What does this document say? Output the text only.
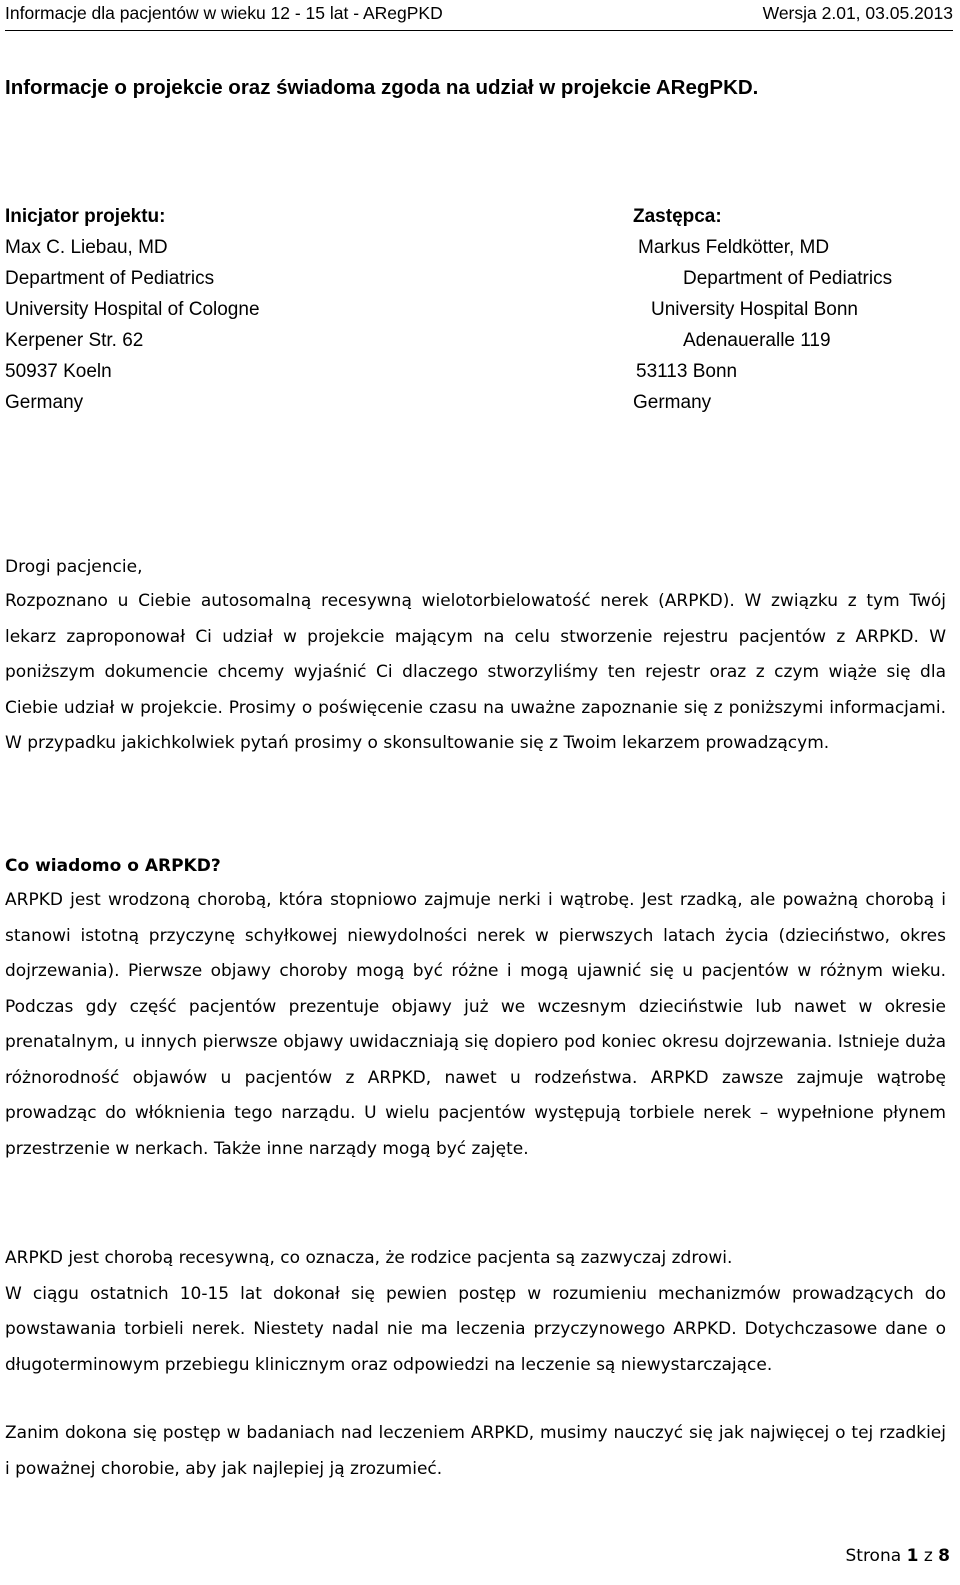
Informacje dla pacjentów w wieku 12 - 15 lat - ARegPKD	Wersja 2.01, 03.05.2013
Informacje o projekcie oraz świadoma zgoda na udział w projekcie ARegPKD.
Inicjator projektu:
Max C. Liebau, MD
Department of Pediatrics
University Hospital of Cologne
Kerpener Str. 62
50937 Koeln
Germany
Zastępca:
Markus Feldkötter, MD
Department of Pediatrics
University Hospital Bonn
Adenaueralle 119
53113 Bonn
Germany
Drogi pacjencie,

Rozpoznano u Ciebie autosomalną recesywną wielotorbielowatość nerek (ARPKD). W związku z tym Twój lekarz zaproponował Ci udział w projekcie mającym na celu stworzenie rejestru pacjentów z ARPKD. W poniższym dokumencie chcemy wyjaśnić Ci dlaczego stworzyliśmy ten rejestr oraz z czym wiąże się dla Ciebie udział w projekcie. Prosimy o poświęcenie czasu na uważne zapoznanie się z poniższymi informacjami. W przypadku jakichkolwiek pytań prosimy o skonsultowanie się z Twoim lekarzem prowadzącym.

Co wiadomo o ARPKD?

ARPKD jest wrodzoną chorobą, która stopniowo zajmuje nerki i wątrobę. Jest rzadką, ale poważną chorobą i stanowi istotną przyczynę schyłkowej niewydolności nerek w pierwszych latach życia (dzieciństwo, okres dojrzewania). Pierwsze objawy choroby mogą być różne i mogą ujawnić się u pacjentów w różnym wieku. Podczas gdy część pacjentów prezentuje objawy już we wczesnym dzieciństwie lub nawet w okresie prenatalnym, u innych pierwsze objawy uwidaczniają się dopiero pod koniec okresu dojrzewania. Istnieje duża różnorodność objawów u pacjentów z ARPKD, nawet u rodzeństwa. ARPKD zawsze zajmuje wątrobę prowadząc do włóknienia tego narządu. U wielu pacjentów występują torbiele nerek – wypełnione płynem przestrzenie w nerkach. Także inne narządy mogą być zajęte.

ARPKD jest chorobą recesywną, co oznacza, że rodzice pacjenta są zazwyczaj zdrowi.

W ciągu ostatnich 10-15 lat dokonał się pewien postęp w rozumieniu mechanizmów prowadzących do powstawania torbieli nerek. Niestety nadal nie ma leczenia przyczynowego ARPKD. Dotychczasowe dane o długoterminowym przebiegu klinicznym oraz odpowiedzi na leczenie są niewystarczające.

Zanim dokona się postęp w badaniach nad leczeniem ARPKD, musimy nauczyć się jak najwięcej o tej rzadkiej i poważnej chorobie, aby jak najlepiej ją zrozumieć.

Strona 1 z 8
